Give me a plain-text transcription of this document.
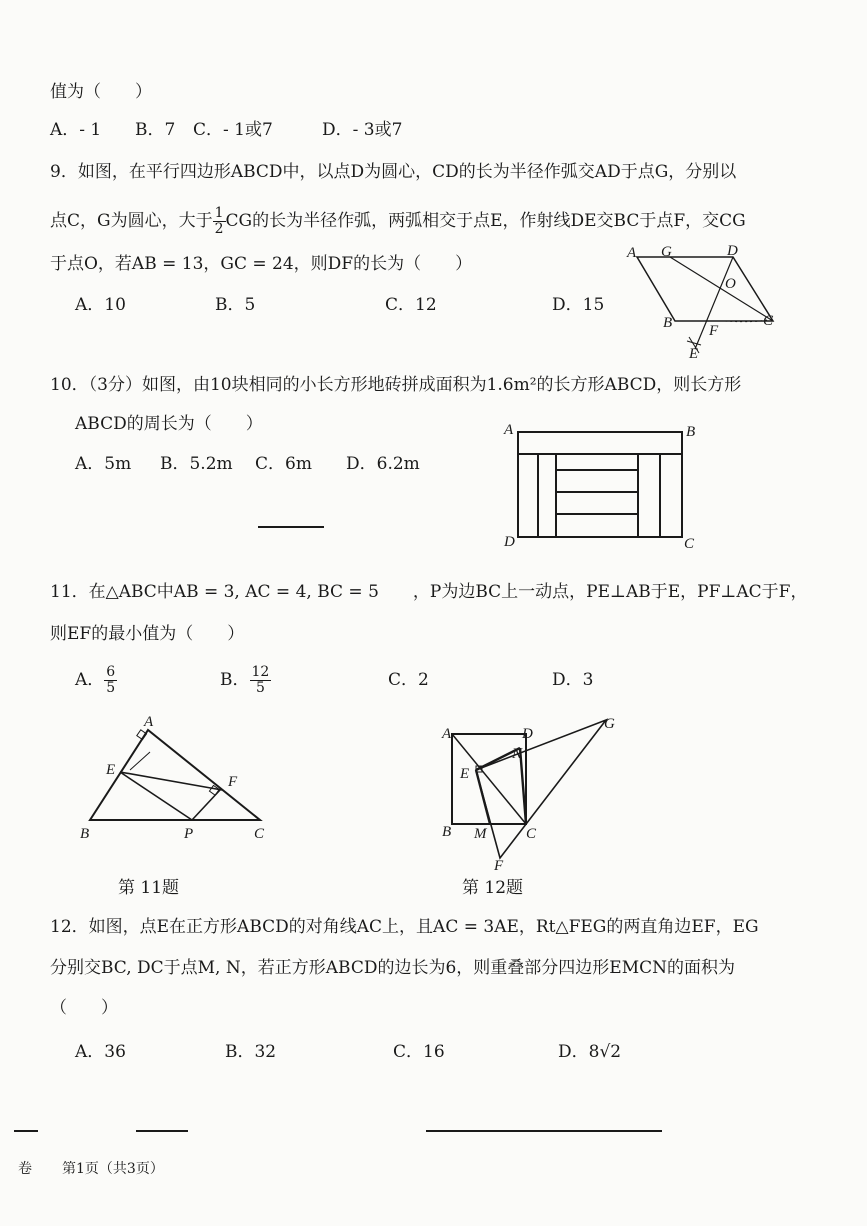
值为（　　）
A．- 1 B．7 C．- 1或7	D．- 3或7
9．如图，在平行四边形ABCD中，以点D为圆心，CD的长为半径作弧交AD于点G，分别以
点C，G为圆心，大于 $\frac{1}{2}$ CG的长为半径作弧，两弧相交于点E，作射线DE交BC于点F，交CG
于点O，若AB = 13，GC = 24，则DF的长为（　　）
A．10	B．5	C．12	D．15
A G	D
O
B F
C
E
10．（3分）如图，由10块相同的小长方形地砖拼成面积为1.6m²的长方形ABCD，则长方形
ABCD的周长为（　　）
A．5m B．5.2m C．6m D．6.2m
A	B
D	C
11．在△ABC中AB = 3, AC = 4, BC = 5　　，P为边BC上一动点，PE⊥AB于E，PF⊥AC于F，
则EF的最小值为（　　）
A． $\frac{6}{5}$	B． $\frac{12}{5}$	C．2	D．3
A
E
F
B	P	C
第 11题
A	D
G
E
N
B M	C
F
第 12题
12．如图，点E在正方形ABCD的对角线AC上，且AC = 3AE，Rt△FEG的两直角边EF，EG
分别交BC, DC于点M, N，若正方形ABCD的边长为6，则重叠部分四边形EMCN的面积为
（　　）
A．36	B．32	C．16	D．8√2
卷 第1页（共3页）
